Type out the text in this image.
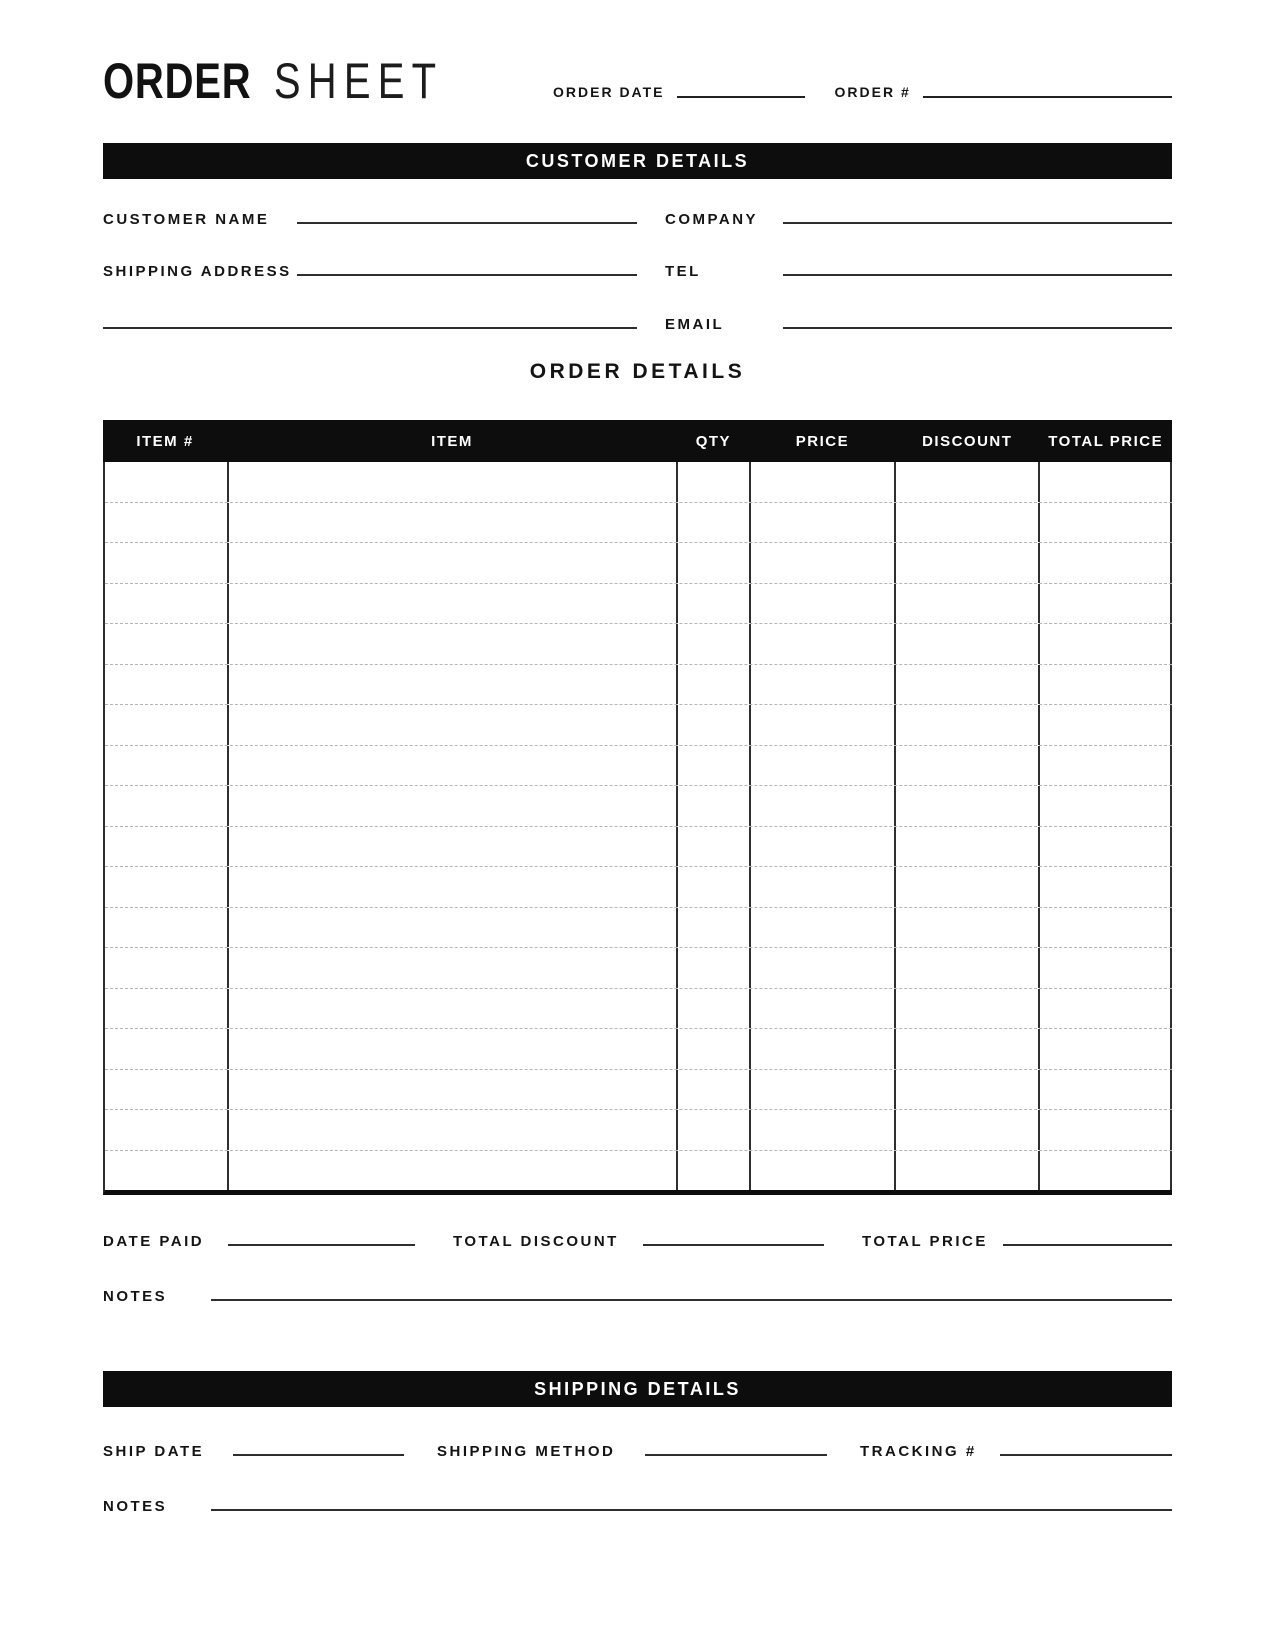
ORDER SHEET	ORDER DATE	ORDER #
CUSTOMER DETAILS
CUSTOMER NAME	COMPANY
SHIPPING ADDRESS	TEL
EMAIL
ORDER DETAILS
ITEM #	ITEM	QTY	PRICE	DISCOUNT	TOTAL PRICE
DATE PAID	TOTAL DISCOUNT	TOTAL PRICE
NOTES
SHIPPING DETAILS
SHIP DATE	SHIPPING METHOD	TRACKING #
NOTES
